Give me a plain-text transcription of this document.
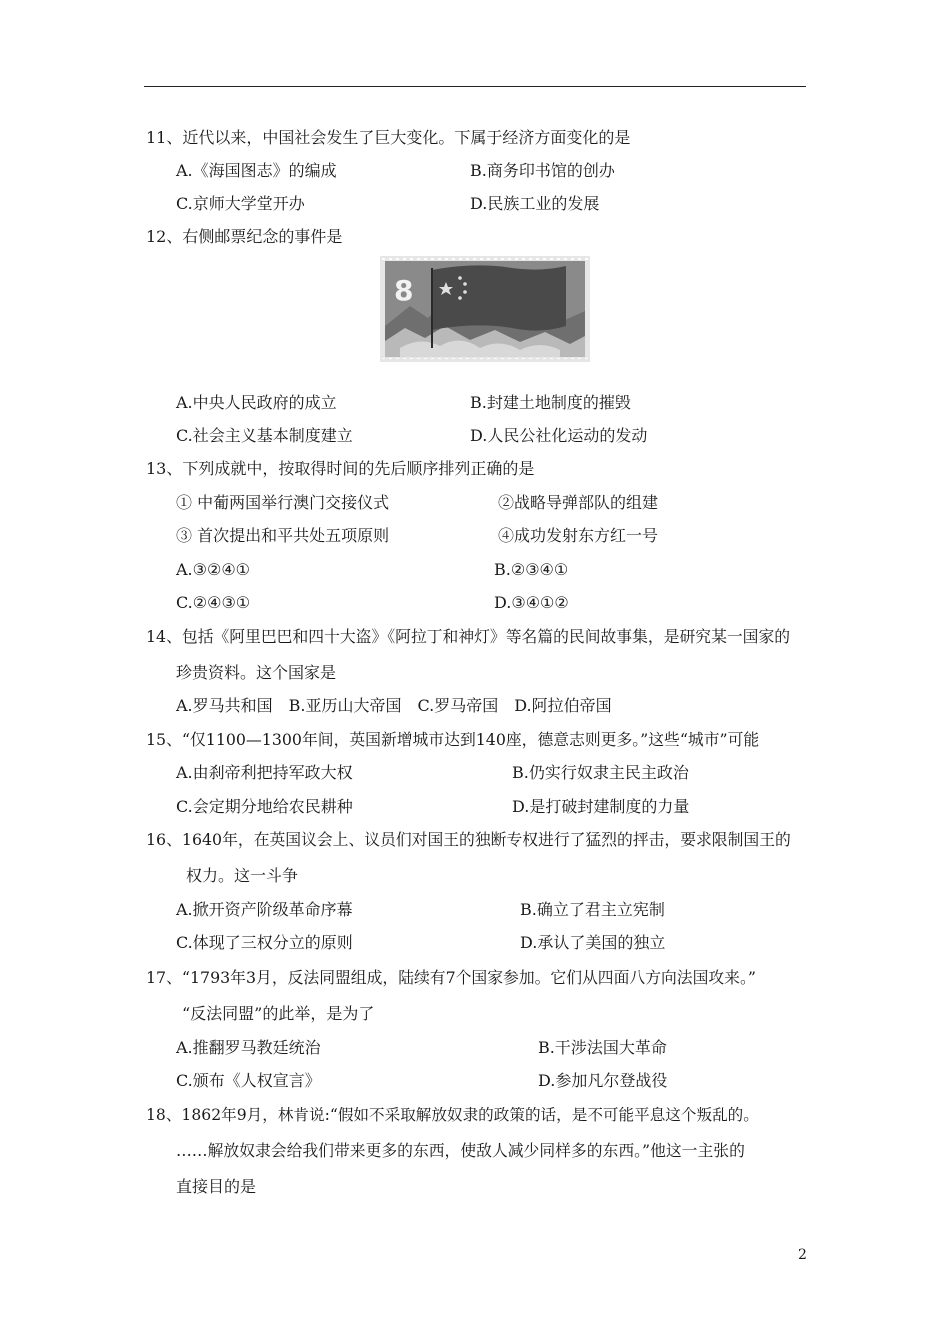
11、近代以来，中国社会发生了巨大变化。下属于经济方面变化的是
A.《海国图志》的编成	B.商务印书馆的创办
C.京师大学堂开办	D.民族工业的发展
12、右侧邮票纪念的事件是
8
A.中央人民政府的成立	B.封建土地制度的摧毁
C.社会主义基本制度建立	D.人民公社化运动的发动
13、下列成就中，按取得时间的先后顺序排列正确的是
① 中葡两国举行澳门交接仪式	②战略导弹部队的组建
③ 首次提出和平共处五项原则	④成功发射东方红一号
A.③②④①	B.②③④①
C.②④③①	D.③④①②
14、包括《阿里巴巴和四十大盗》《阿拉丁和神灯》等名篇的民间故事集，是研究某一国家的
珍贵资料。这个国家是
A.罗马共和国　B.亚历山大帝国　C.罗马帝国　D.阿拉伯帝国
15、“仅1100—1300年间，英国新增城市达到140座，德意志则更多。”这些“城市”可能
A.由刹帝利把持军政大权	B.仍实行奴隶主民主政治
C.会定期分地给农民耕种	D.是打破封建制度的力量
16、1640年，在英国议会上、议员们对国王的独断专权进行了猛烈的抨击，要求限制国王的
权力。这一斗争
A.掀开资产阶级革命序幕	B.确立了君主立宪制
C.体现了三权分立的原则	D.承认了美国的独立
17、“1793年3月，反法同盟组成，陆续有7个国家参加。它们从四面八方向法国攻来。”
“反法同盟”的此举，是为了
A.推翻罗马教廷统治	B.干涉法国大革命
C.颁布《人权宣言》	D.参加凡尔登战役
18、1862年9月，林肯说:“假如不采取解放奴隶的政策的话，是不可能平息这个叛乱的。
……解放奴隶会给我们带来更多的东西，使敌人减少同样多的东西。”他这一主张的
直接目的是
2
